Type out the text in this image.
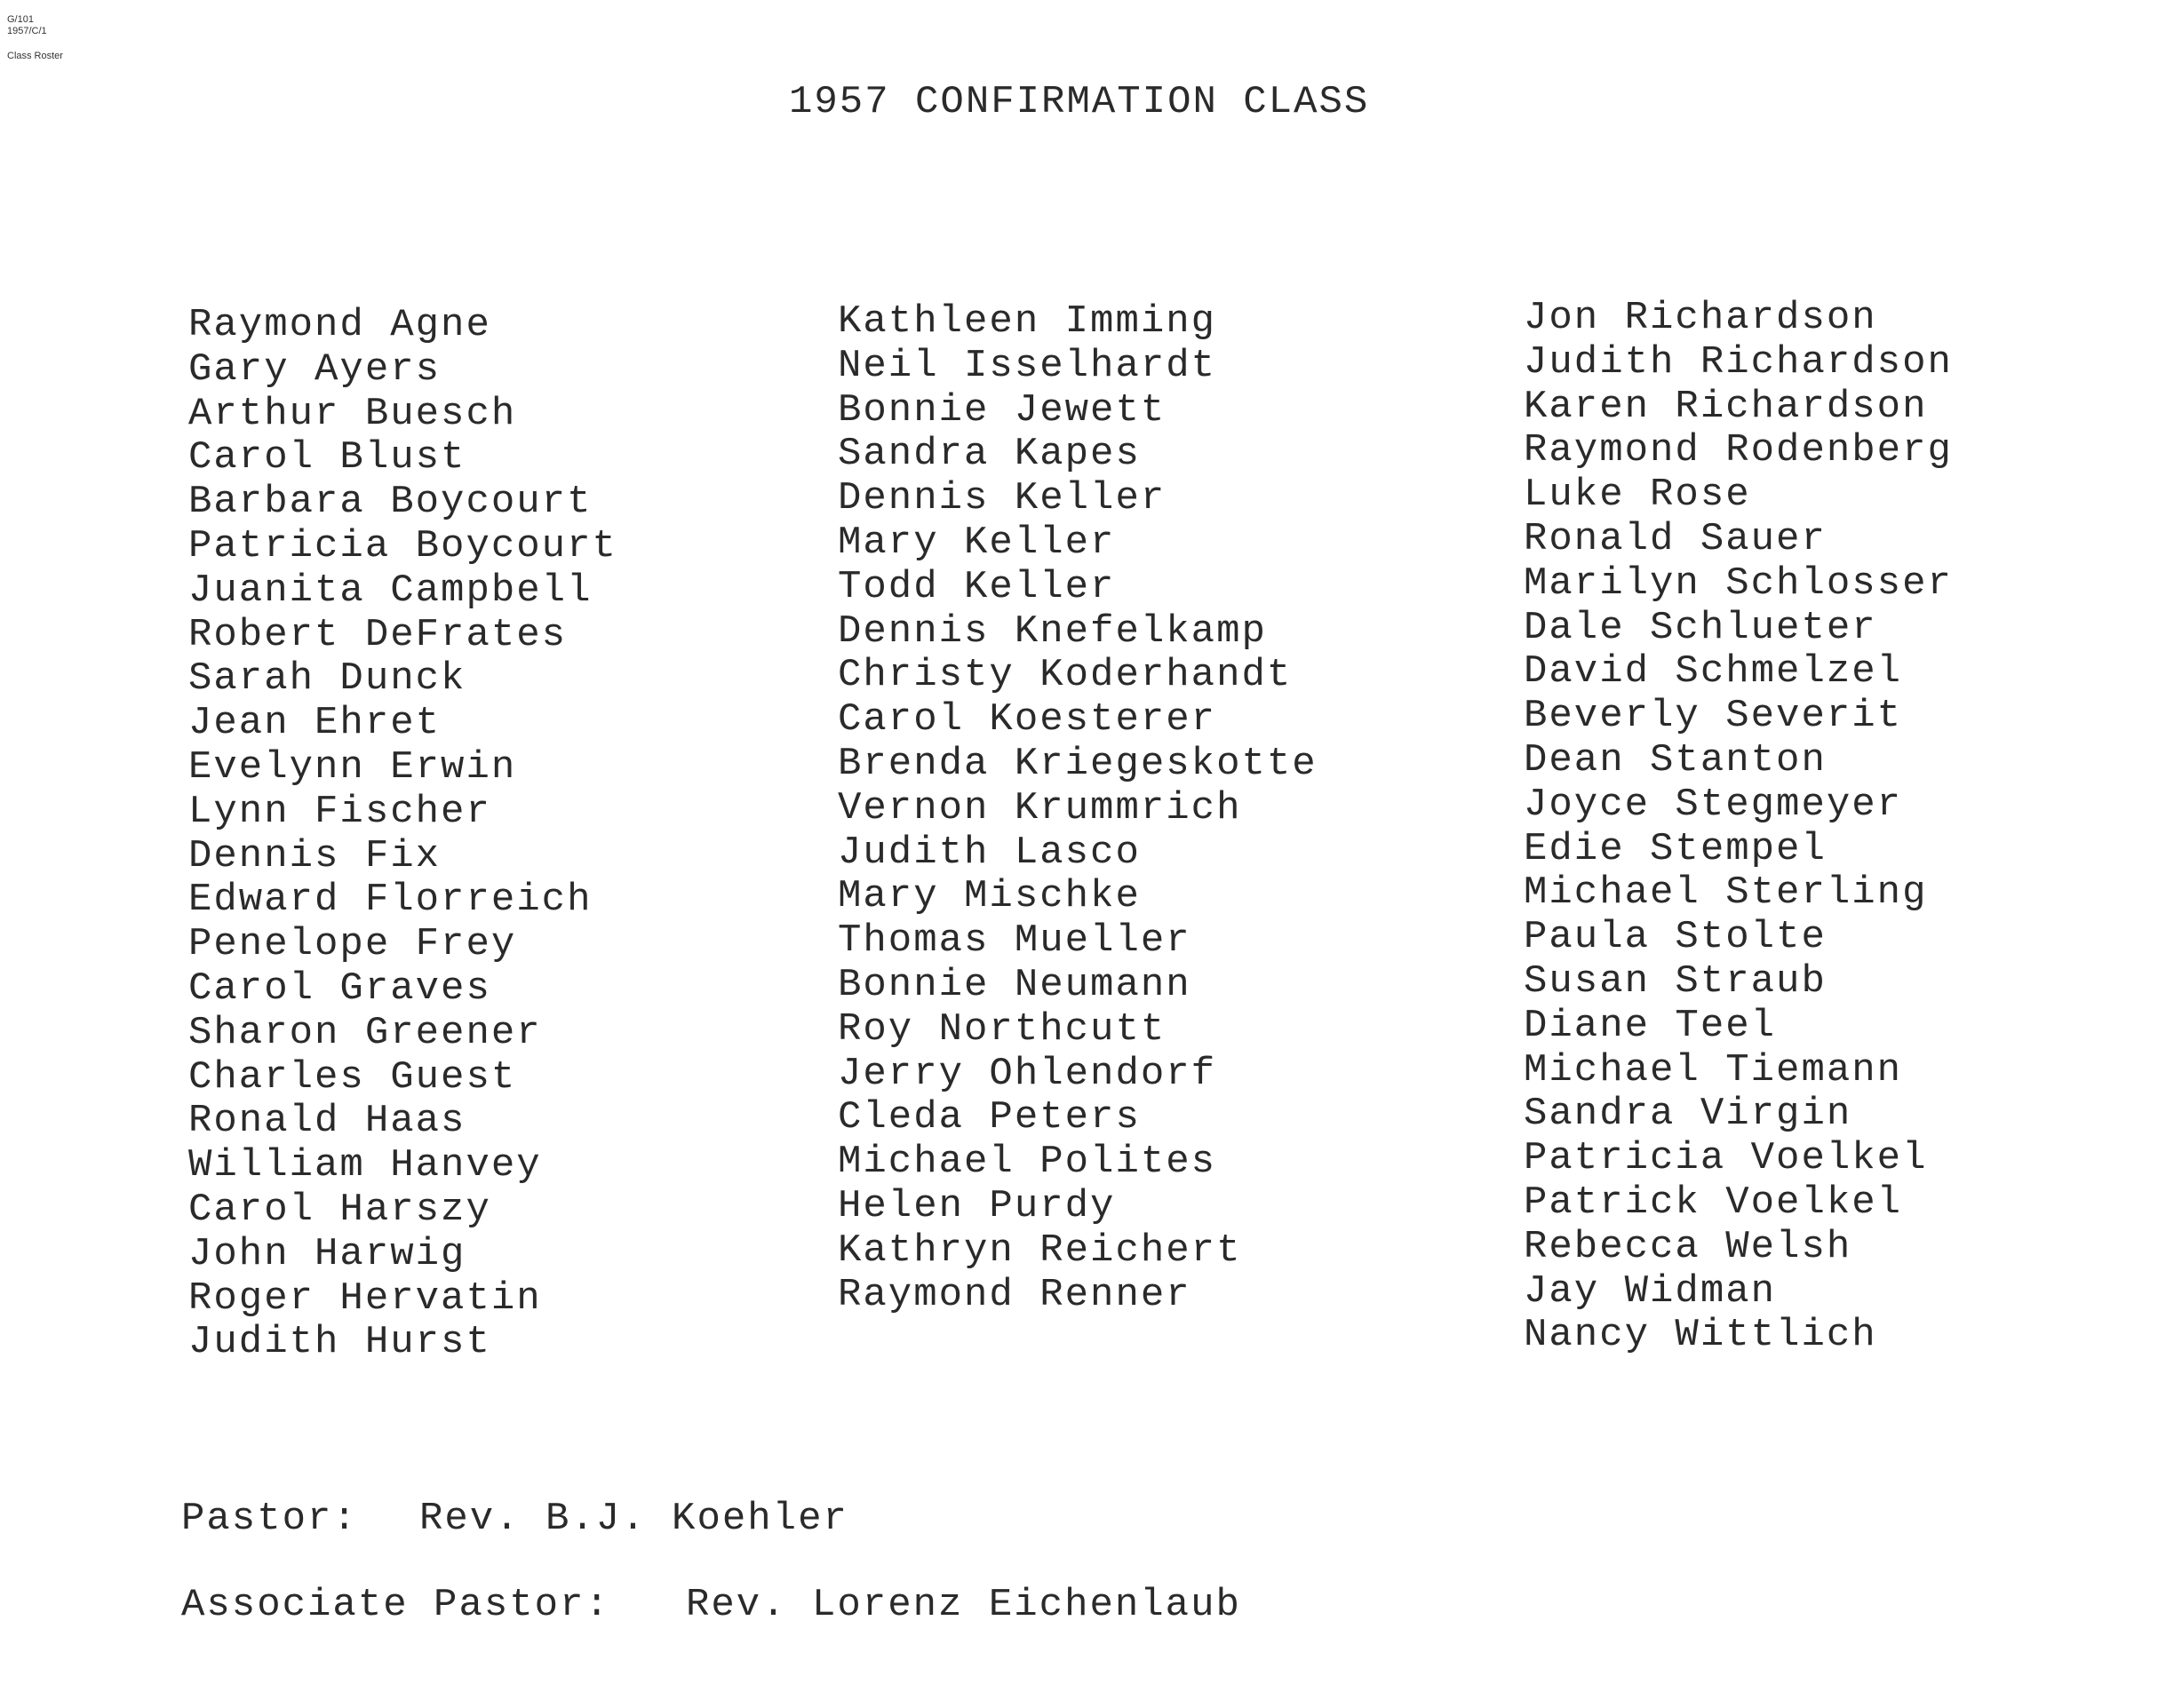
G/101
1957/C/1
Class Roster
1957 CONFIRMATION CLASS
Raymond Agne
Gary Ayers
Arthur Buesch
Carol Blust
Barbara Boycourt
Patricia Boycourt
Juanita Campbell
Robert DeFrates
Sarah Dunck
Jean Ehret
Evelynn Erwin
Lynn Fischer
Dennis Fix
Edward Florreich
Penelope Frey
Carol Graves
Sharon Greener
Charles Guest
Ronald Haas
William Hanvey
Carol Harszy
John Harwig
Roger Hervatin
Judith Hurst
Kathleen Imming
Neil Isselhardt
Bonnie Jewett
Sandra Kapes
Dennis Keller
Mary Keller
Todd Keller
Dennis Knefelkamp
Christy Koderhandt
Carol Koesterer
Brenda Kriegeskotte
Vernon Krummrich
Judith Lasco
Mary Mischke
Thomas Mueller
Bonnie Neumann
Roy Northcutt
Jerry Ohlendorf
Cleda Peters
Michael Polites
Helen Purdy
Kathryn Reichert
Raymond Renner
Jon Richardson
Judith Richardson
Karen Richardson
Raymond Rodenberg
Luke Rose
Ronald Sauer
Marilyn Schlosser
Dale Schlueter
David Schmelzel
Beverly Severit
Dean Stanton
Joyce Stegmeyer
Edie Stempel
Michael Sterling
Paula Stolte
Susan Straub
Diane Teel
Michael Tiemann
Sandra Virgin
Patricia Voelkel
Patrick Voelkel
Rebecca Welsh
Jay Widman
Nancy Wittlich
Pastor: Rev. B.J. Koehler
Associate Pastor: Rev. Lorenz Eichenlaub
